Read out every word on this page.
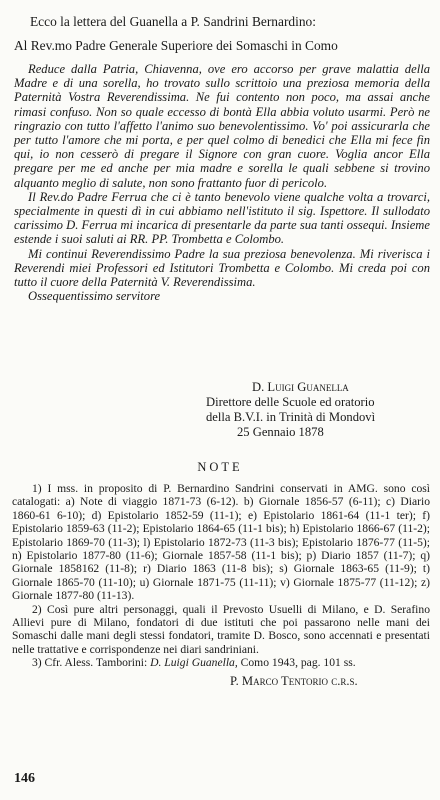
Ecco la lettera del Guanella a P. Sandrini Bernardino:
Al Rev.mo Padre Generale Superiore dei Somaschi in Como

Reduce dalla Patria, Chiavenna, ove ero accorso per grave malattia della Madre e di una sorella, ho trovato sullo scrittoio una preziosa memoria della Paternità Vostra Reverendissima. Ne fui contento non poco, ma assai anche rimasi confuso. Non so quale eccesso di bontà Ella abbia voluto usarmi. Però ne ringrazio con tutto l'affetto l'animo suo benevolentissimo. Vo' poi assicurarla che per tutto l'amore che mi porta, e per quel colmo di benedici che Ella mi fece fin qui, io non cesserò di pregare il Signore con gran cuore. Voglia ancor Ella pregare per me ed anche per mia madre e sorella le quali sebbene si trovino alquanto meglio di salute, non sono frattanto fuor di pericolo.

Il Rev.do Padre Ferrua che ci è tanto benevolo viene qualche volta a trovarci, specialmente in questi dì in cui abbiamo nell'istituto il sig. Ispettore. Il sullodato carissimo D. Ferrua mi incarica di presentarle da parte sua tanti ossequi. Insieme estende i suoi saluti ai RR. PP. Trombetta e Colombo.

Mi continui Reverendissimo Padre la sua preziosa benevolenza. Mi riverisca i Reverendi miei Professori ed Istitutori Trombetta e Colombo. Mi creda poi con tutto il cuore della Paternità V. Reverendissima.

Ossequentissimo servitore

D. Luigi Guanella
Direttore delle Scuole ed oratorio
della B.V.I. in Trinità di Mondovì
25 Gennaio 1878
NOTE

1) I mss. in proposito di P. Bernardino Sandrini conservati in AMG. sono così catalogati: a) Note di viaggio 1871-73 (6-12). b) Giornale 1856-57 (6-11); c) Diario 1860-61 6-10); d) Epistolario 1852-59 (11-1); e) Epistolario 1861-64 (11-1 ter); f) Epistolario 1859-63 (11-2); Epistolario 1864-65 (11-1 bis); h) Epistolario 1866-67 (11-2); Epistolario 1869-70 (11-3); l) Epistolario 1872-73 (11-3 bis); Epistolario 1876-77 (11-5); n) Epistolario 1877-80 (11-6); Giornale 1857-58 (11-1 bis); p) Diario 1857 (11-7); q) Giornale 1858162 (11-8); r) Diario 1863 (11-8 bis); s) Giornale 1863-65 (11-9); t) Giornale 1865-70 (11-10); u) Giornale 1871-75 (11-11); v) Giornale 1875-77 (11-12); z) Giornale 1877-80 (11-13).

2) Così pure altri personaggi, quali il Prevosto Usuelli di Milano, e D. Serafino Allievi pure di Milano, fondatori di due istituti che poi passarono nelle mani dei Somaschi dalle mani degli stessi fondatori, tramite D. Bosco, sono accennati e presentati nelle trattative e corrispondenze nei diari sandriniani.

3) Cfr. Aless. Tamborini: D. Luigi Guanella, Como 1943, pag. 101 ss.

P. Marco Tentorio c.r.s.
146
